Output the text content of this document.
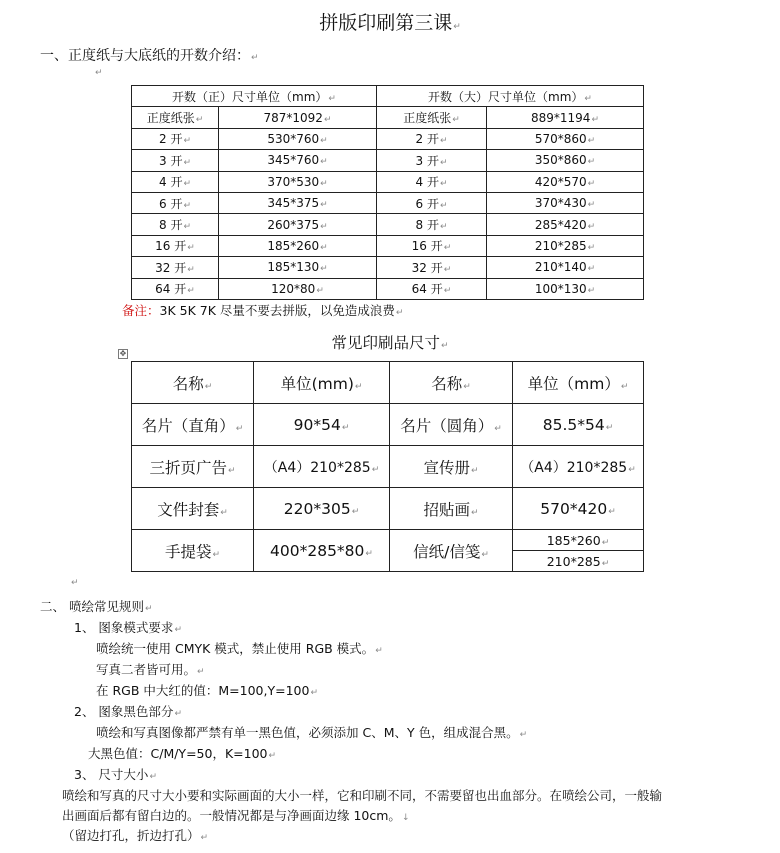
拼版印刷第三课↵
一、正度纸与大底纸的开数介绍：↵
↵
开数（正）尺寸单位（mm）↵		开数（大）尺寸单位（mm）↵	
正度纸张↵	787*1092↵	正度纸张↵	889*1194↵
2 开↵	530*760↵	2 开↵	570*860↵
3 开↵	345*760↵	3 开↵	350*860↵
4 开↵	370*530↵	4 开↵	420*570↵
6 开↵	345*375↵	6 开↵	370*430↵
8 开↵	260*375↵	8 开↵	285*420↵
16 开↵	185*260↵	16 开↵	210*285↵
32 开↵	185*130↵	32 开↵	210*140↵
64 开↵	120*80↵	64 开↵	100*130↵
备注：3K 5K 7K 尽量不要去拼版，以免造成浪费↵
常见印刷品尺寸↵
✥
名称↵	单位(mm)↵	名称↵	单位（mm）↵
名片（直角）↵	90*54↵	名片（圆角）↵	85.5*54↵
三折页广告↵	（A4）210*285↵	宣传册↵	（A4）210*285↵
文件封套↵	220*305↵	招贴画↵	570*420↵
手提袋↵	400*285*80↵	信纸/信笺↵	185*260↵
			210*285↵
↵
二、 喷绘常见规则↵
1、 图象模式要求↵
喷绘统一使用 CMYK 模式，禁止使用 RGB 模式。↵
写真二者皆可用。↵
在 RGB 中大红的值：M=100,Y=100↵
2、 图象黑色部分↵
喷绘和写真图像都严禁有单一黑色值，必须添加 C、M、Y 色，组成混合黑。↵
大黑色值：C/M/Y=50，K=100↵
3、 尺寸大小↵
喷绘和写真的尺寸大小要和实际画面的大小一样，它和印刷不同，不需要留也出血部分。在喷绘公司，一般输
出画面后都有留白边的。一般情况都是与净画面边缘 10cm。↓
（留边打孔，折边打孔）↵
